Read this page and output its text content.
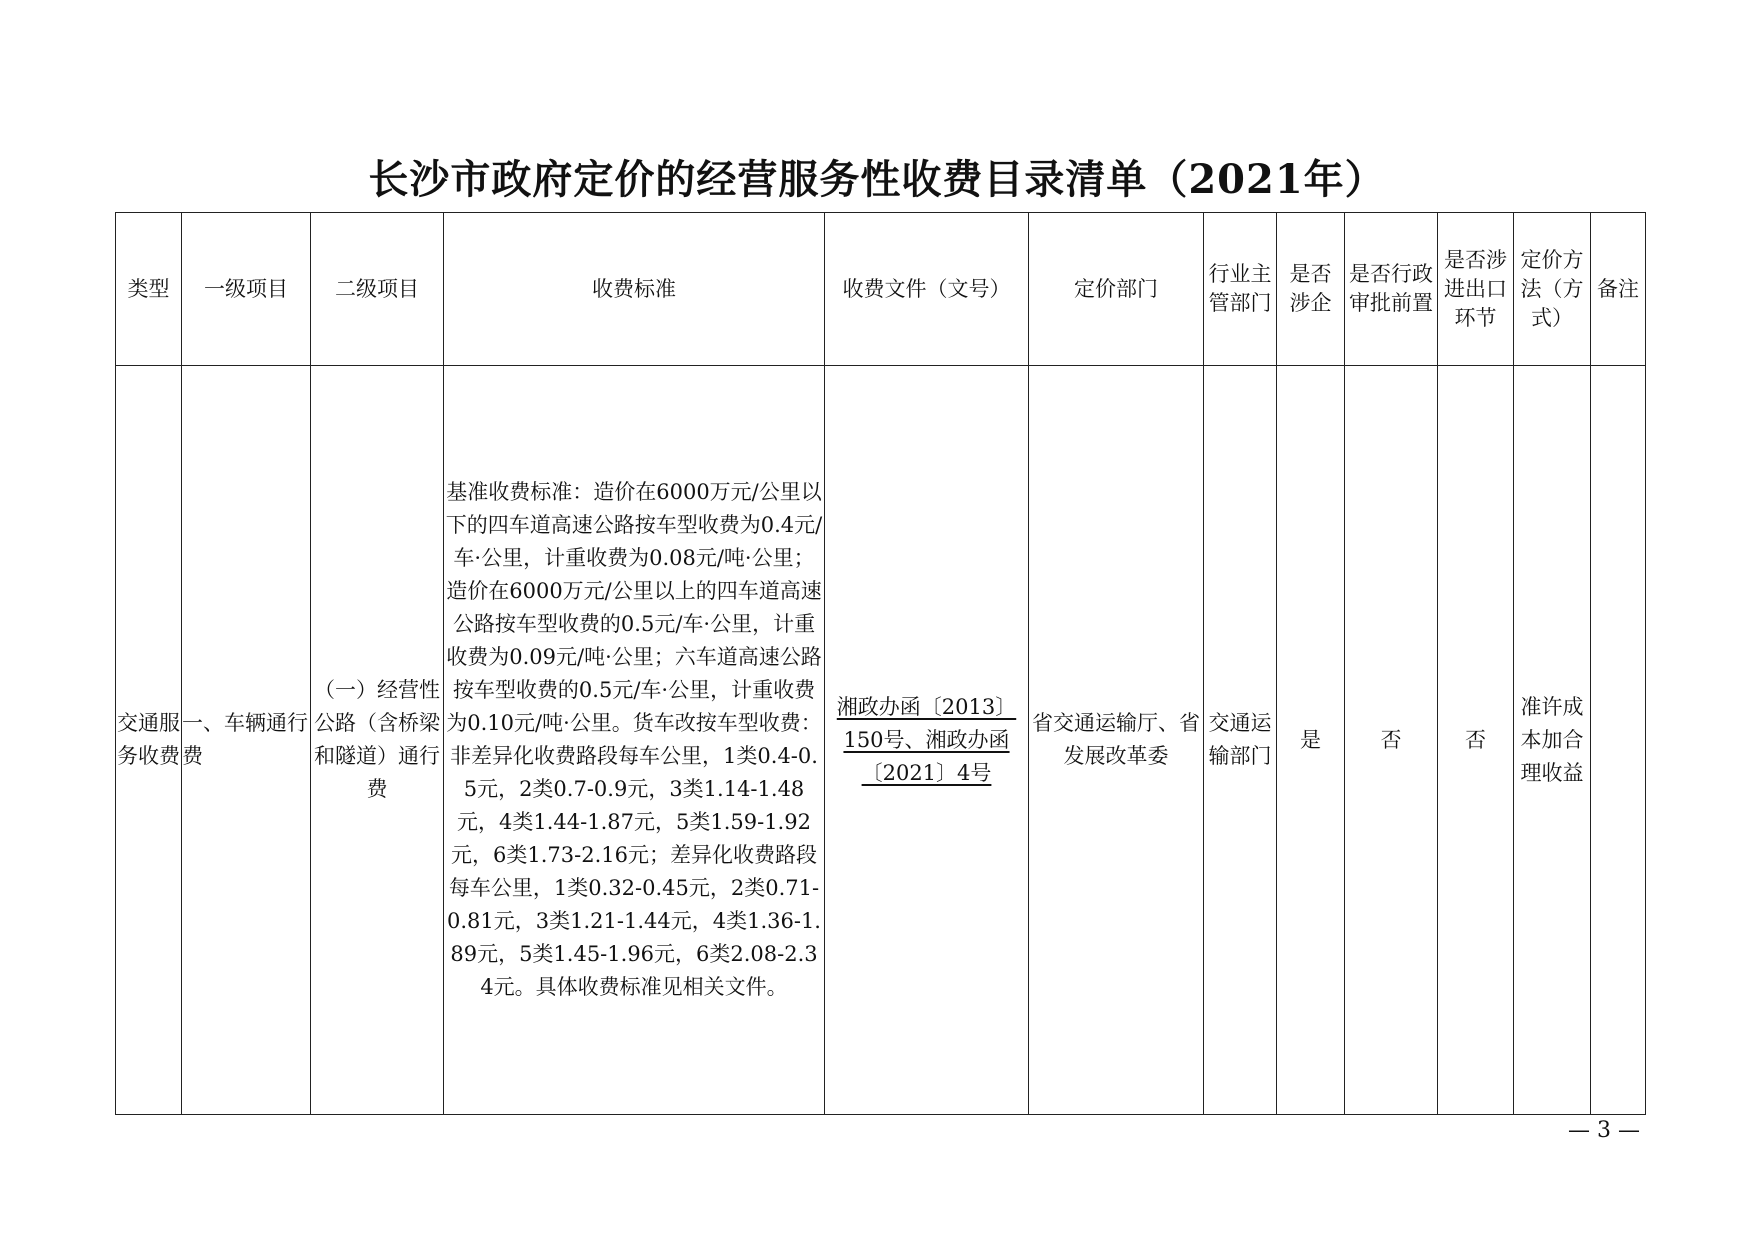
长沙市政府定价的经营服务性收费目录清单（2021年）
类型	一级项目	二级项目	收费标准	收费文件（文号）	定价部门	行业主管部门	是否涉企	是否行政审批前置	是否涉进出口环节	定价方法（方式）	备注
交通服务收费	一、车辆通行费	（一）经营性公路（含桥梁和隧道）通行费	基准收费标准：造价在6000万元/公里以下的四车道高速公路按车型收费为0.4元/车·公里，计重收费为0.08元/吨·公里；造价在6000万元/公里以上的四车道高速公路按车型收费的0.5元/车·公里，计重收费为0.09元/吨·公里；六车道高速公路按车型收费的0.5元/车·公里，计重收费为0.10元/吨·公里。货车改按车型收费：非差异化收费路段每车公里，1类0.4-0.5元，2类0.7-0.9元，3类1.14-1.48元，4类1.44-1.87元，5类1.59-1.92元，6类1.73-2.16元；差异化收费路段每车公里，1类0.32-0.45元，2类0.71-0.81元，3类1.21-1.44元，4类1.36-1.89元，5类1.45-1.96元，6类2.08-2.34元。具体收费标准见相关文件。	湘政办函〔2013〕150号、湘政办函〔2021〕4号	省交通运输厅、省发展改革委	交通运输部门	是	否	否	准许成本加合理收益	
— 3 —
